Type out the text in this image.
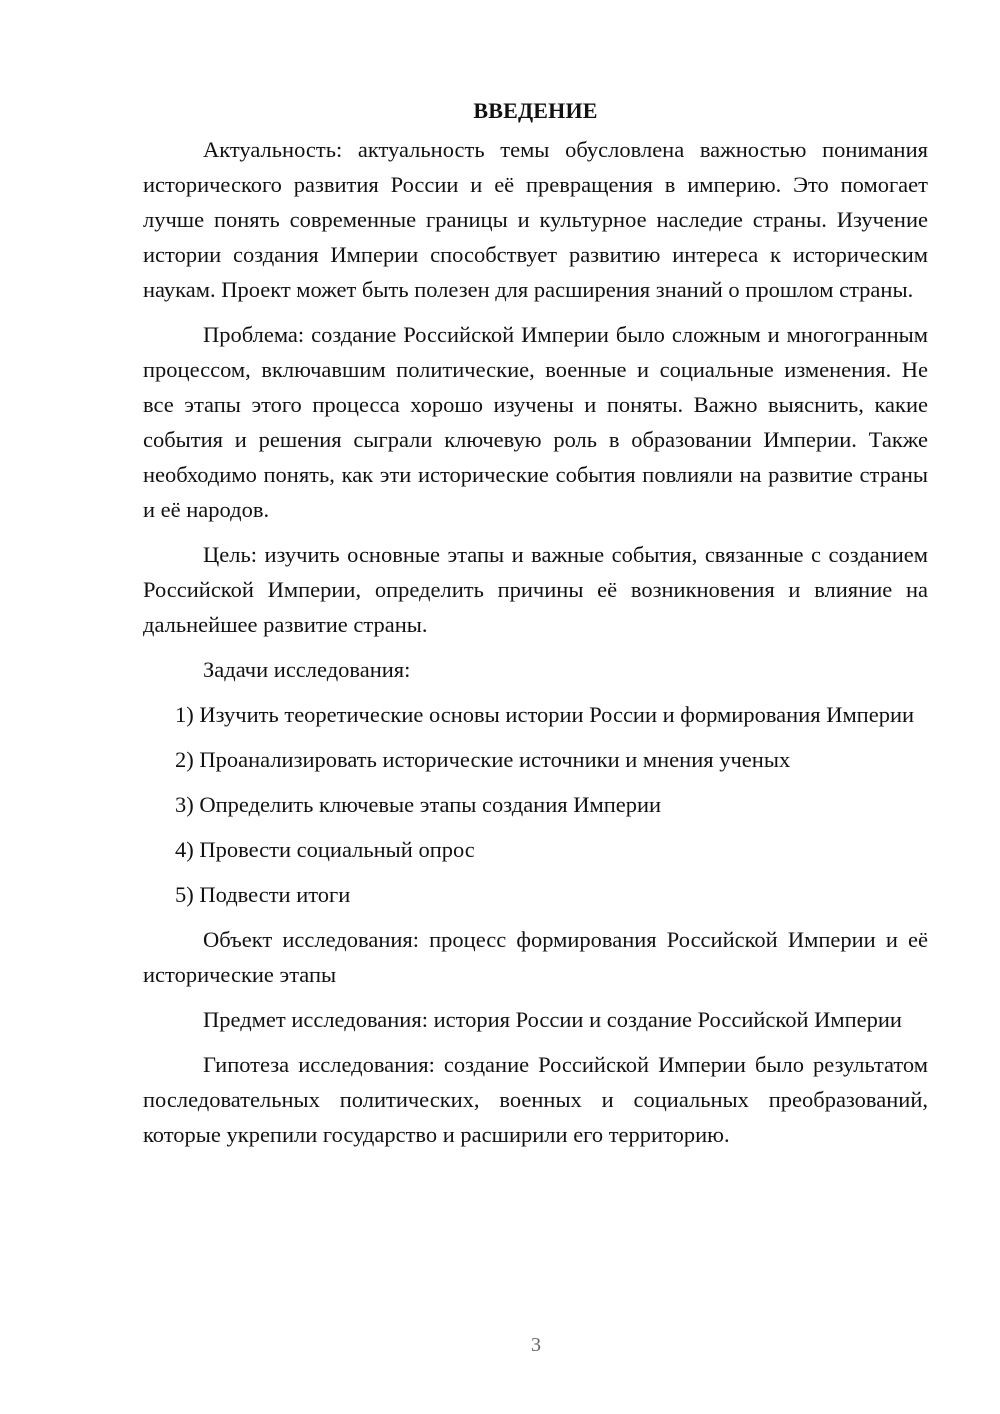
ВВЕДЕНИЕ

Актуальность: актуальность темы обусловлена важностью понимания исторического развития России и её превращения в империю. Это помогает лучше понять современные границы и культурное наследие страны. Изучение истории создания Империи способствует развитию интереса к историческим наукам. Проект может быть полезен для расширения знаний о прошлом страны.

Проблема: создание Российской Империи было сложным и многогранным процессом, включавшим политические, военные и социальные изменения. Не все этапы этого процесса хорошо изучены и поняты. Важно выяснить, какие события и решения сыграли ключевую роль в образовании Империи. Также необходимо понять, как эти исторические события повлияли на развитие страны и её народов.

Цель: изучить основные этапы и важные события, связанные с созданием Российской Империи, определить причины её возникновения и влияние на дальнейшее развитие страны.

Задачи исследования:

1) Изучить теоретические основы истории России и формирования Империи
2) Проанализировать исторические источники и мнения ученых
3) Определить ключевые этапы создания Империи
4) Провести социальный опрос
5) Подвести итоги

Объект исследования: процесс формирования Российской Империи и её исторические этапы

Предмет исследования: история России и создание Российской Империи

Гипотеза исследования: создание Российской Империи было результатом последовательных политических, военных и социальных преобразований, которые укрепили государство и расширили его территорию.

3
